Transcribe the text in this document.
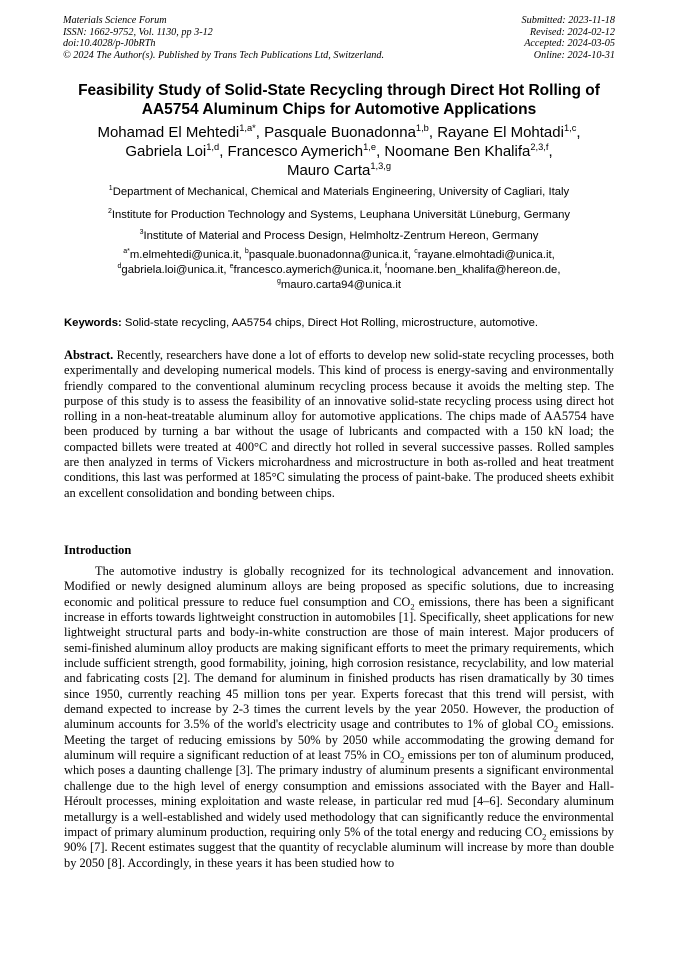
Materials Science Forum
ISSN: 1662-9752, Vol. 1130, pp 3-12
doi:10.4028/p-J0bRTh
© 2024 The Author(s). Published by Trans Tech Publications Ltd, Switzerland.
Submitted: 2023-11-18
Revised: 2024-02-12
Accepted: 2024-03-05
Online: 2024-10-31
Feasibility Study of Solid-State Recycling through Direct Hot Rolling of
AA5754 Aluminum Chips for Automotive Applications
Mohamad El Mehtedi$^{1,a*}$, Pasquale Buonadonna$^{1,b}$, Rayane El Mohtadi$^{1,c}$,
Gabriela Loi$^{1,d}$, Francesco Aymerich$^{1,e}$, Noomane Ben Khalifa$^{2,3,f}$,
Mauro Carta$^{1,3,g}$
$^1$Department of Mechanical, Chemical and Materials Engineering, University of Cagliari, Italy
$^2$Institute for Production Technology and Systems, Leuphana Universität Lüneburg, Germany
$^3$Institute of Material and Process Design, Helmholtz-Zentrum Hereon, Germany
$^{a*}$m.elmehtedi@unica.it, $^b$pasquale.buonadonna@unica.it, $^c$rayane.elmohtadi@unica.it,
$^d$gabriela.loi@unica.it, $^e$francesco.aymerich@unica.it, $^f$noomane.ben_khalifa@hereon.de,
$^g$mauro.carta94@unica.it
Keywords: Solid-state recycling, AA5754 chips, Direct Hot Rolling, microstructure, automotive.
Abstract. Recently, researchers have done a lot of efforts to develop new solid-state recycling processes, both experimentally and developing numerical models. This kind of process is energy-saving and environmentally friendly compared to the conventional aluminum recycling process because it avoids the melting step. The purpose of this study is to assess the feasibility of an innovative solid-state recycling process using direct hot rolling in a non-heat-treatable aluminum alloy for automotive applications. The chips made of AA5754 have been produced by turning a bar without the usage of lubricants and compacted with a 150 kN load; the compacted billets were treated at 400°C and directly hot rolled in several successive passes. Rolled samples are then analyzed in terms of Vickers microhardness and microstructure in both as-rolled and heat treatment conditions, this last was performed at 185°C simulating the process of paint-bake. The produced sheets exhibit an excellent consolidation and bonding between chips.
Introduction
The automotive industry is globally recognized for its technological advancement and innovation. Modified or newly designed aluminum alloys are being proposed as specific solutions, due to increasing economic and political pressure to reduce fuel consumption and $CO_2$ emissions, there has been a significant increase in efforts towards lightweight construction in automobiles [1]. Specifically, sheet applications for new lightweight structural parts and body-in-white construction are those of main interest. Major producers of semi-finished aluminum alloy products are making significant efforts to meet the primary requirements, which include sufficient strength, good formability, joining, high corrosion resistance, recyclability, and low material and fabricating costs [2]. The demand for aluminum in finished products has risen dramatically by 30 times since 1950, currently reaching 45 million tons per year. Experts forecast that this trend will persist, with demand expected to increase by 2-3 times the current levels by the year 2050. However, the production of aluminum accounts for 3.5% of the world's electricity usage and contributes to 1% of global $CO_2$ emissions. Meeting the target of reducing emissions by 50% by 2050 while accommodating the growing demand for aluminum will require a significant reduction of at least 75% in $CO_2$ emissions per ton of aluminum produced, which poses a daunting challenge [3]. The primary industry of aluminum presents a significant environmental challenge due to the high level of energy consumption and emissions associated with the Bayer and Hall-Héroult processes, mining exploitation and waste release, in particular red mud [4–6]. Secondary aluminum metallurgy is a well-established and widely used methodology that can significantly reduce the environmental impact of primary aluminum production, requiring only 5% of the total energy and reducing $CO_2$ emissions by 90% [7]. Recent estimates suggest that the quantity of recyclable aluminum will increase by more than double by 2050 [8]. Accordingly, in these years it has been studied how to
